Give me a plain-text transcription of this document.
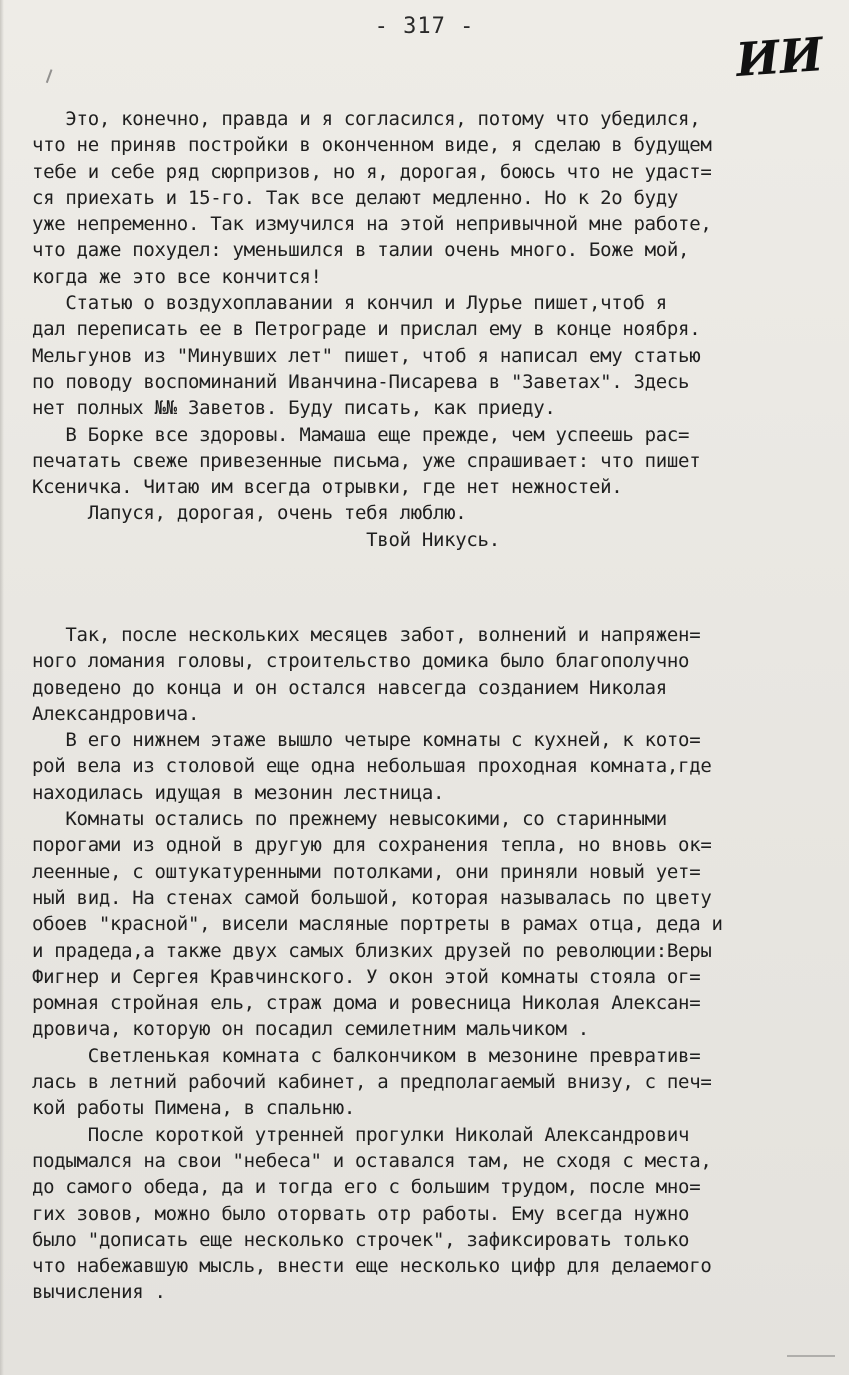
- 317 -
ИИ
Это, конечно, правда и я согласился, потому что убедился,
что не приняв постройки в оконченном виде, я сделаю в будущем
тебе и себе ряд сюрпризов, но я, дорогая, боюсь что не удаст=
ся приехать и 15-го. Так все делают медленно. Но к 2о буду
уже непременно. Так измучился на этой непривычной мне работе,
что даже похудел: уменьшился в талии очень много. Боже мой,
когда же это все кончится!
Статью о воздухоплавании я кончил и Лурье пишет,чтоб я
дал переписать ее в Петрограде и прислал ему в конце ноября.
Мельгунов из "Минувших лет" пишет, чтоб я написал ему статью
по поводу воспоминаний Иванчина-Писарева в "Заветах". Здесь
нет полных №№ Заветов. Буду писать, как приеду.
В Борке все здоровы. Мамаша еще прежде, чем успеешь рас=
печатать свеже привезенные письма, уже спрашивает: что пишет
Ксеничка. Читаю им всегда отрывки, где нет нежностей.
Лапуся, дорогая, очень тебя люблю.
Твой Никусь.
Так, после нескольких месяцев забот, волнений и напряжен=
ного ломания головы, строительство домика было благополучно
доведено до конца и он остался навсегда созданием Николая
Александровича.
В его нижнем этаже вышло четыре комнаты с кухней, к кото=
рой вела из столовой еще одна небольшая проходная комната,где
находилась идущая в мезонин лестница.
Комнаты остались по прежнему невысокими, со старинными
порогами из одной в другую для сохранения тепла, но вновь ок=
леенные, с оштукатуренными потолками, они приняли новый ует=
ный вид. На стенах самой большой, которая называлась по цвету
обоев "красной", висели масляные портреты в рамах отца, деда и
и прадеда,а также двух самых близких друзей по революции:Веры
Фигнер и Сергея Кравчинского. У окон этой комнаты стояла ог=
ромная стройная ель, страж дома и ровесница Николая Алексан=
дровича, которую он посадил семилетним мальчиком .
Светленькая комната с балкончиком в мезонине превратив=
лась в летний рабочий кабинет, а предполагаемый внизу, с печ=
кой работы Пимена, в спальню.
После короткой утренней прогулки Николай Александрович
подымался на свои "небеса" и оставался там, не сходя с места,
до самого обеда, да и тогда его с большим трудом, после мно=
гих зовов, можно было оторвать отр работы. Ему всегда нужно
было "дописать еще несколько строчек", зафиксировать только
что набежавшую мысль, внести еще несколько цифр для делаемого
вычисления .
